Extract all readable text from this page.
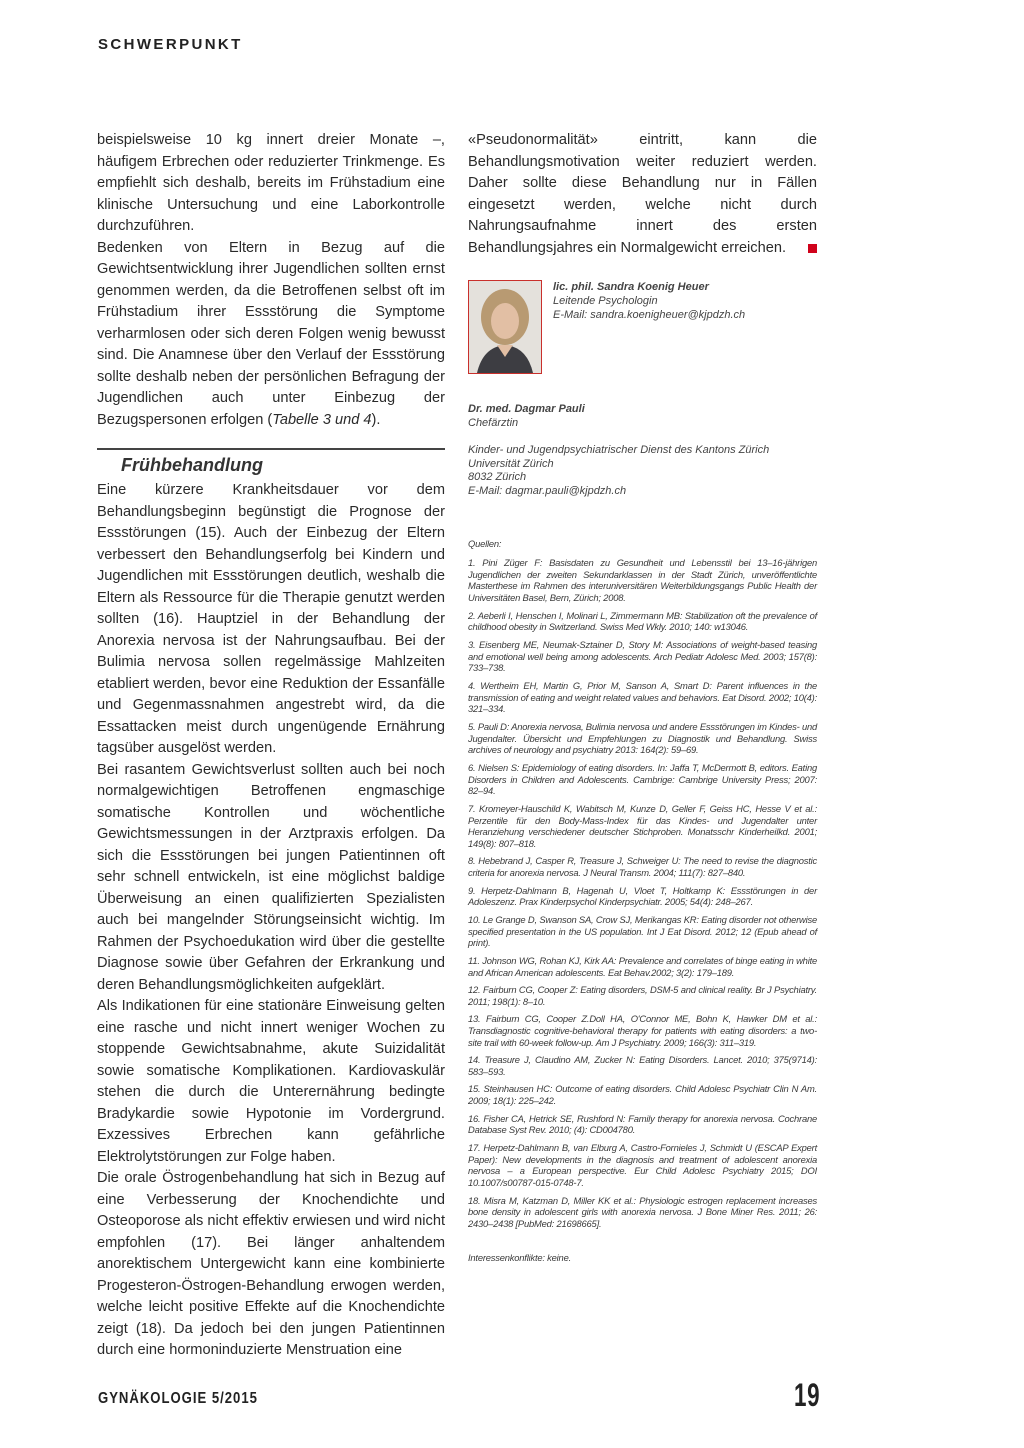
SCHWERPUNKT

beispielsweise 10 kg innert dreier Monate –, häufigem Erbrechen oder reduzierter Trinkmenge. Es empfiehlt sich deshalb, bereits im Frühstadium eine klinische Untersuchung und eine Laborkontrolle durchzuführen.

Bedenken von Eltern in Bezug auf die Gewichtsentwicklung ihrer Jugendlichen sollten ernst genommen werden, da die Betroffenen selbst oft im Frühstadium ihrer Essstörung die Symptome verharmlosen oder sich deren Folgen wenig bewusst sind. Die Anamnese über den Verlauf der Essstörung sollte deshalb neben der persönlichen Befragung der Jugendlichen auch unter Einbezug der Bezugspersonen erfolgen (Tabelle 3 und 4).

Frühbehandlung

Eine kürzere Krankheitsdauer vor dem Behandlungsbeginn begünstigt die Prognose der Essstörungen (15). Auch der Einbezug der Eltern verbessert den Behandlungserfolg bei Kindern und Jugendlichen mit Essstörungen deutlich, weshalb die Eltern als Ressource für die Therapie genutzt werden sollten (16). Hauptziel in der Behandlung der Anorexia nervosa ist der Nahrungsaufbau. Bei der Bulimia nervosa sollen regelmässige Mahlzeiten etabliert werden, bevor eine Reduktion der Essanfälle und Gegenmassnahmen angestrebt wird, da die Essattacken meist durch ungenügende Ernährung tagsüber ausgelöst werden.

Bei rasantem Gewichtsverlust sollten auch bei noch normalgewichtigen Betroffenen engmaschige somatische Kontrollen und wöchentliche Gewichtsmessungen in der Arztpraxis erfolgen. Da sich die Essstörungen bei jungen Patientinnen oft sehr schnell entwickeln, ist eine möglichst baldige Überweisung an einen qualifizierten Spezialisten auch bei mangelnder Störungseinsicht wichtig. Im Rahmen der Psychoedukation wird über die gestellte Diagnose sowie über Gefahren der Erkrankung und deren Behandlungsmöglichkeiten aufgeklärt.

Als Indikationen für eine stationäre Einweisung gelten eine rasche und nicht innert weniger Wochen zu stoppende Gewichtsabnahme, akute Suizidalität sowie somatische Komplikationen. Kardiovaskulär stehen die durch die Unterernährung bedingte Bradykardie sowie Hypotonie im Vordergrund. Exzessives Erbrechen kann gefährliche Elektrolytstörungen zur Folge haben.

Die orale Östrogenbehandlung hat sich in Bezug auf eine Verbesserung der Knochendichte und Osteoporose als nicht effektiv erwiesen und wird nicht empfohlen (17). Bei länger anhaltendem anorektischem Untergewicht kann eine kombinierte Progesteron-Östrogen-Behandlung erwogen werden, welche leicht positive Effekte auf die Knochendichte zeigt (18). Da jedoch bei den jungen Patientinnen durch eine hormoninduzierte Menstruation eine

«Pseudonormalität» eintritt, kann die Behandlungsmotivation weiter reduziert werden. Daher sollte diese Behandlung nur in Fällen eingesetzt werden, welche nicht durch Nahrungsaufnahme innert des ersten Behandlungsjahres ein Normalgewicht erreichen.

lic. phil. Sandra Koenig Heuer
Leitende Psychologin
E-Mail: sandra.koenigheuer@kjpdzh.ch
Dr. med. Dagmar Pauli
Chefärztin
Kinder- und Jugendpsychiatrischer Dienst des Kantons Zürich
Universität Zürich
8032 Zürich
E-Mail: dagmar.pauli@kjpdzh.ch
Quellen:
1. Pini Züger F: Basisdaten zu Gesundheit und Lebensstil bei 13–16-jährigen Jugendlichen der zweiten Sekundarklassen in der Stadt Zürich, unveröffentlichte Masterthese im Rahmen des interuniversitären Weiterbildungsgangs Public Health der Universitäten Basel, Bern, Zürich; 2008.
2. Aeberli I, Henschen I, Molinari L, Zimmermann MB: Stabilization oft the prevalence of childhood obesity in Switzerland. Swiss Med Wkly. 2010; 140: w13046.
3. Eisenberg ME, Neumak-Sztainer D, Story M: Associations of weight-based teasing and emotional well being among adolescents. Arch Pediatr Adolesc Med. 2003; 157(8): 733–738.
4. Wertheim EH, Martin G, Prior M, Sanson A, Smart D: Parent influences in the transmission of eating and weight related values and behaviors. Eat Disord. 2002; 10(4): 321–334.
5. Pauli D: Anorexia nervosa, Bulimia nervosa und andere Essstörungen im Kindes- und Jugendalter. Übersicht und Empfehlungen zu Diagnostik und Behandlung. Swiss archives of neurology and psychiatry 2013: 164(2): 59–69.
6. Nielsen S: Epidemiology of eating disorders. In: Jaffa T, McDermott B, editors. Eating Disorders in Children and Adolescents. Cambrige: Cambrige University Press; 2007: 82–94.
7. Kromeyer-Hauschild K, Wabitsch M, Kunze D, Geller F, Geiss HC, Hesse V et al.: Perzentile für den Body-Mass-Index für das Kindes- und Jugendalter unter Heranziehung verschiedener deutscher Stichproben. Monatsschr Kinderheilkd. 2001; 149(8): 807–818.
8. Hebebrand J, Casper R, Treasure J, Schweiger U: The need to revise the diagnostic criteria for anorexia nervosa. J Neural Transm. 2004; 111(7): 827–840.
9. Herpetz-Dahlmann B, Hagenah U, Vloet T, Holtkamp K: Essstörungen in der Adoleszenz. Prax Kinderpsychol Kinderpsychiatr. 2005; 54(4): 248–267.
10. Le Grange D, Swanson SA, Crow SJ, Merikangas KR: Eating disorder not otherwise specified presentation in the US population. Int J Eat Disord. 2012; 12 (Epub ahead of print).
11. Johnson WG, Rohan KJ, Kirk AA: Prevalence and correlates of binge eating in white and African American adolescents. Eat Behav.2002; 3(2): 179–189.
12. Fairburn CG, Cooper Z: Eating disorders, DSM-5 and clinical reality. Br J Psychiatry. 2011; 198(1): 8–10.
13. Fairburn CG, Cooper Z.Doll HA, O'Connor ME, Bohn K, Hawker DM et al.: Transdiagnostic cognitive-behavioral therapy for patients with eating disorders: a two-site trail with 60-week follow-up. Am J Psychiatry. 2009; 166(3): 311–319.
14. Treasure J, Claudino AM, Zucker N: Eating Disorders. Lancet. 2010; 375(9714): 583–593.
15. Steinhausen HC: Outcome of eating disorders. Child Adolesc Psychiatr Clin N Am. 2009; 18(1): 225–242.
16. Fisher CA, Hetrick SE, Rushford N: Family therapy for anorexia nervosa. Cochrane Database Syst Rev. 2010; (4): CD004780.
17. Herpetz-Dahlmann B, van Elburg A, Castro-Fornieles J, Schmidt U (ESCAP Expert Paper): New developments in the diagnosis and treatment of adolescent anorexia nervosa – a European perspective. Eur Child Adolesc Psychiatry 2015; DOI 10.1007/s00787-015-0748-7.
18. Misra M, Katzman D, Miller KK et al.: Physiologic estrogen replacement increases bone density in adolescent girls with anorexia nervosa. J Bone Miner Res. 2011; 26: 2430–2438 [PubMed: 21698665].
Interessenkonflikte: keine.
GYNÄKOLOGIE 5/2015	19
